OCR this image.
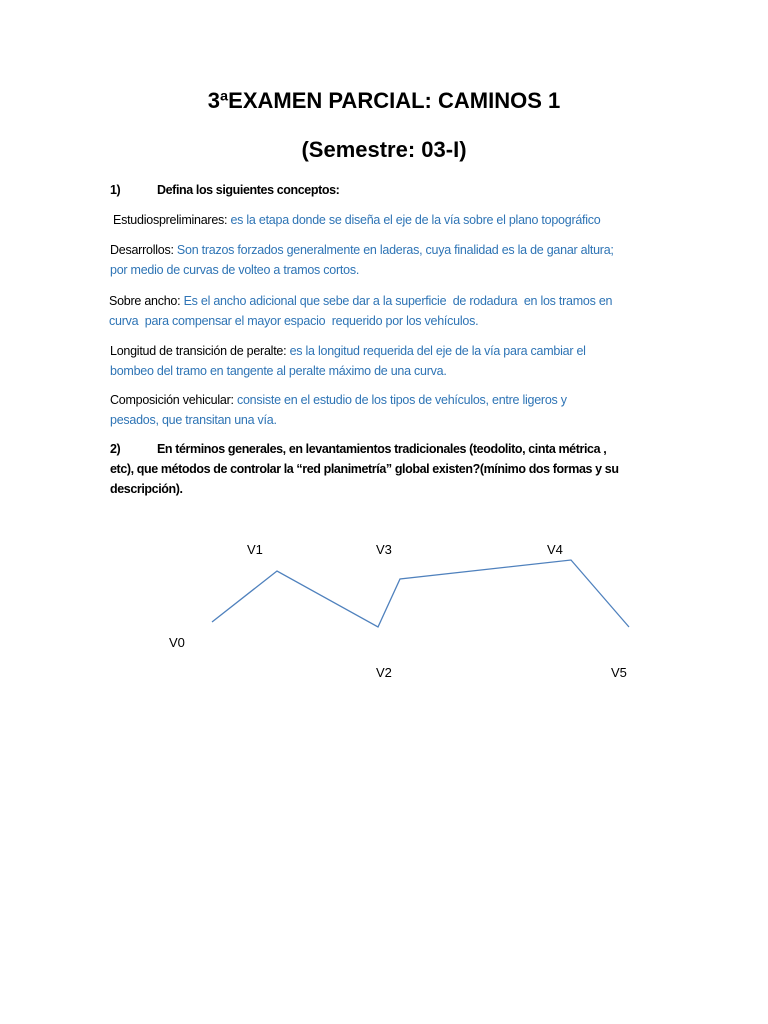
3ªEXAMEN PARCIAL: CAMINOS 1
(Semestre: 03-I)
1)	Defina los siguientes conceptos:
Estudiospreliminares: es la etapa donde se diseña el eje de la vía sobre el plano topográfico
Desarrollos: Son trazos forzados generalmente en laderas, cuya finalidad es la de ganar altura;
por medio de curvas de volteo a tramos cortos.
Sobre ancho: Es el ancho adicional que sebe dar a la superficie  de rodadura  en los tramos en
curva  para compensar el mayor espacio  requerido por los vehículos.
Longitud de transición de peralte: es la longitud requerida del eje de la vía para cambiar el
bombeo del tramo en tangente al peralte máximo de una curva.
Composición vehicular: consiste en el estudio de los tipos de vehículos, entre ligeros y
pesados, que transitan una vía.
2)	En términos generales, en levantamientos tradicionales (teodolito, cinta métrica ,
etc), que métodos de controlar la “red planimetría” global existen?(mínimo dos formas y su
descripción).
V0
V1
V2
V3	V4
V5
